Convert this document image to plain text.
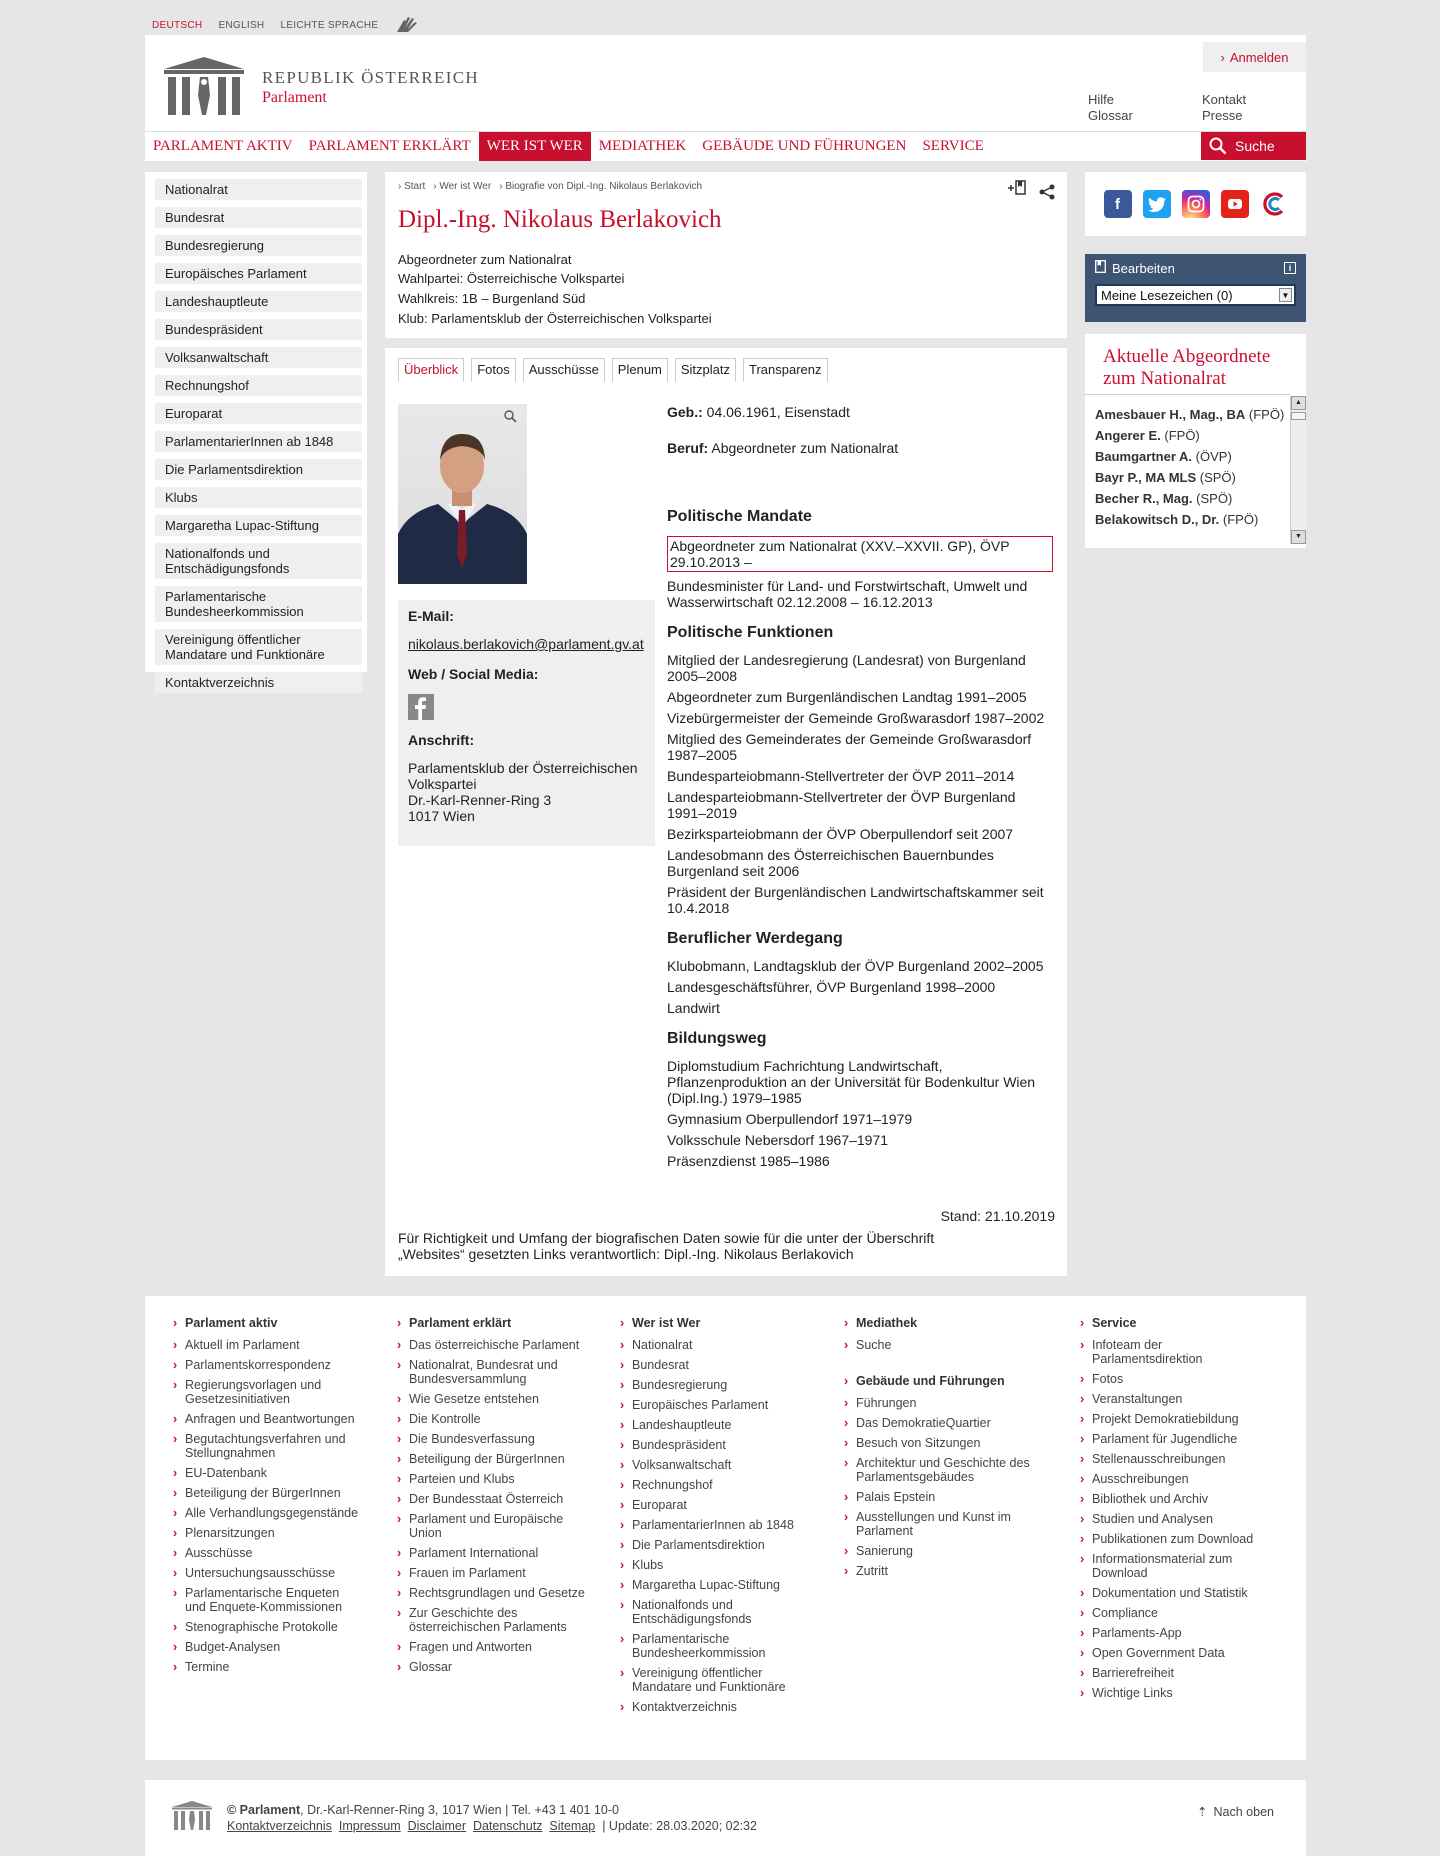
DEUTSCH ENGLISH LEICHTE SPRACHE
REPUBLIK ÖSTERREICH
Parlament
› Anmelden
Hilfe
Glossar
Kontakt
Presse
PARLAMENT AKTIV	PARLAMENT ERKLÄRT	WER IST WER	MEDIATHEK	GEBÄUDE UND FÜHRUNGEN	SERVICE	Suche
Nationalrat
Bundesrat
Bundesregierung
Europäisches Parlament
Landeshauptleute
Bundespräsident
Volksanwaltschaft
Rechnungshof
Europarat
ParlamentarierInnen ab 1848
Die Parlamentsdirektion
Klubs
Margaretha Lupac-Stiftung
Nationalfonds und Entschädigungsfonds
Parlamentarische Bundesheerkommission
Vereinigung öffentlicher Mandatare und Funktionäre
Kontaktverzeichnis
› Start	› Wer ist Wer	› Biografie von Dipl.-Ing. Nikolaus Berlakovich
Dipl.-Ing. Nikolaus Berlakovich
Abgeordneter zum Nationalrat
Wahlpartei: Österreichische Volkspartei
Wahlkreis: 1B – Burgenland Süd
Klub: Parlamentsklub der Österreichischen Volkspartei
Überblick	Fotos	Ausschüsse	Plenum	Sitzplatz	Transparenz
E-Mail:
nikolaus.berlakovich@parlament.gv.at
Web / Social Media:
Anschrift:
Parlamentsklub der Österreichischen Volkspartei
Dr.-Karl-Renner-Ring 3
1017 Wien
Geb.: 04.06.1961, Eisenstadt
Beruf: Abgeordneter zum Nationalrat
Politische Mandate
Abgeordneter zum Nationalrat (XXV.–XXVII. GP), ÖVP 29.10.2013 –
Bundesminister für Land- und Forstwirtschaft, Umwelt und Wasserwirtschaft 02.12.2008 – 16.12.2013
Politische Funktionen
Mitglied der Landesregierung (Landesrat) von Burgenland 2005–2008
Abgeordneter zum Burgenländischen Landtag 1991–2005
Vizebürgermeister der Gemeinde Großwarasdorf 1987–2002
Mitglied des Gemeinderates der Gemeinde Großwarasdorf 1987–2005
Bundesparteiobmann-Stellvertreter der ÖVP 2011–2014
Landesparteiobmann-Stellvertreter der ÖVP Burgenland 1991–2019
Bezirksparteiobmann der ÖVP Oberpullendorf seit 2007
Landesobmann des Österreichischen Bauernbundes Burgenland seit 2006
Präsident der Burgenländischen Landwirtschaftskammer seit 10.4.2018
Beruflicher Werdegang
Klubobmann, Landtagsklub der ÖVP Burgenland 2002–2005
Landesgeschäftsführer, ÖVP Burgenland 1998–2000
Landwirt
Bildungsweg
Diplomstudium Fachrichtung Landwirtschaft, Pflanzenproduktion an der Universität für Bodenkultur Wien (Dipl.Ing.) 1979–1985
Gymnasium Oberpullendorf 1971–1979
Volksschule Nebersdorf 1967–1971
Präsenzdienst 1985–1986
Stand: 21.10.2019
Für Richtigkeit und Umfang der biografischen Daten sowie für die unter der Überschrift „Websites“ gesetzten Links verantwortlich: Dipl.-Ing. Nikolaus Berlakovich
f
Bearbeiten	i
Meine Lesezeichen (0)	▼
Aktuelle Abgeordnete zum Nationalrat
Amesbauer H., Mag., BA (FPÖ)
Angerer E. (FPÖ)
Baumgartner A. (ÖVP)
Bayr P., MA MLS (SPÖ)
Becher R., Mag. (SPÖ)
Belakowitsch D., Dr. (FPÖ)
▲
▼
› Parlament aktiv
› Aktuell im Parlament
› Parlamentskorrespondenz
› Regierungsvorlagen und Gesetzesinitiativen
› Anfragen und Beantwortungen
› Begutachtungsverfahren und Stellungnahmen
› EU-Datenbank
› Beteiligung der BürgerInnen
› Alle Verhandlungsgegenstände
› Plenarsitzungen
› Ausschüsse
› Untersuchungsausschüsse
› Parlamentarische Enqueten und Enquete-Kommissionen
› Stenographische Protokolle
› Budget-Analysen
› Termine
› Parlament erklärt
› Das österreichische Parlament
› Nationalrat, Bundesrat und Bundesversammlung
› Wie Gesetze entstehen
› Die Kontrolle
› Die Bundesverfassung
› Beteiligung der BürgerInnen
› Parteien und Klubs
› Der Bundesstaat Österreich
› Parlament und Europäische Union
› Parlament International
› Frauen im Parlament
› Rechtsgrundlagen und Gesetze
› Zur Geschichte des österreichischen Parlaments
› Fragen und Antworten
› Glossar
› Wer ist Wer
› Nationalrat
› Bundesrat
› Bundesregierung
› Europäisches Parlament
› Landeshauptleute
› Bundespräsident
› Volksanwaltschaft
› Rechnungshof
› Europarat
› ParlamentarierInnen ab 1848
› Die Parlamentsdirektion
› Klubs
› Margaretha Lupac-Stiftung
› Nationalfonds und Entschädigungsfonds
› Parlamentarische Bundesheerkommission
› Vereinigung öffentlicher Mandatare und Funktionäre
› Kontaktverzeichnis
› Mediathek
› Suche
› Gebäude und Führungen
› Führungen
› Das DemokratieQuartier
› Besuch von Sitzungen
› Architektur und Geschichte des Parlamentsgebäudes
› Palais Epstein
› Ausstellungen und Kunst im Parlament
› Sanierung
› Zutritt
› Service
› Infoteam der Parlamentsdirektion
› Fotos
› Veranstaltungen
› Projekt Demokratiebildung
› Parlament für Jugendliche
› Stellenausschreibungen
› Ausschreibungen
› Bibliothek und Archiv
› Studien und Analysen
› Publikationen zum Download
› Informationsmaterial zum Download
› Dokumentation und Statistik
› Compliance
› Parlaments-App
› Open Government Data
› Barrierefreiheit
› Wichtige Links
© Parlament, Dr.-Karl-Renner-Ring 3, 1017 Wien | Tel. +43 1 401 10-0
Kontaktverzeichnis Impressum Disclaimer Datenschutz Sitemap | Update: 28.03.2020; 02:32
⇡ Nach oben
